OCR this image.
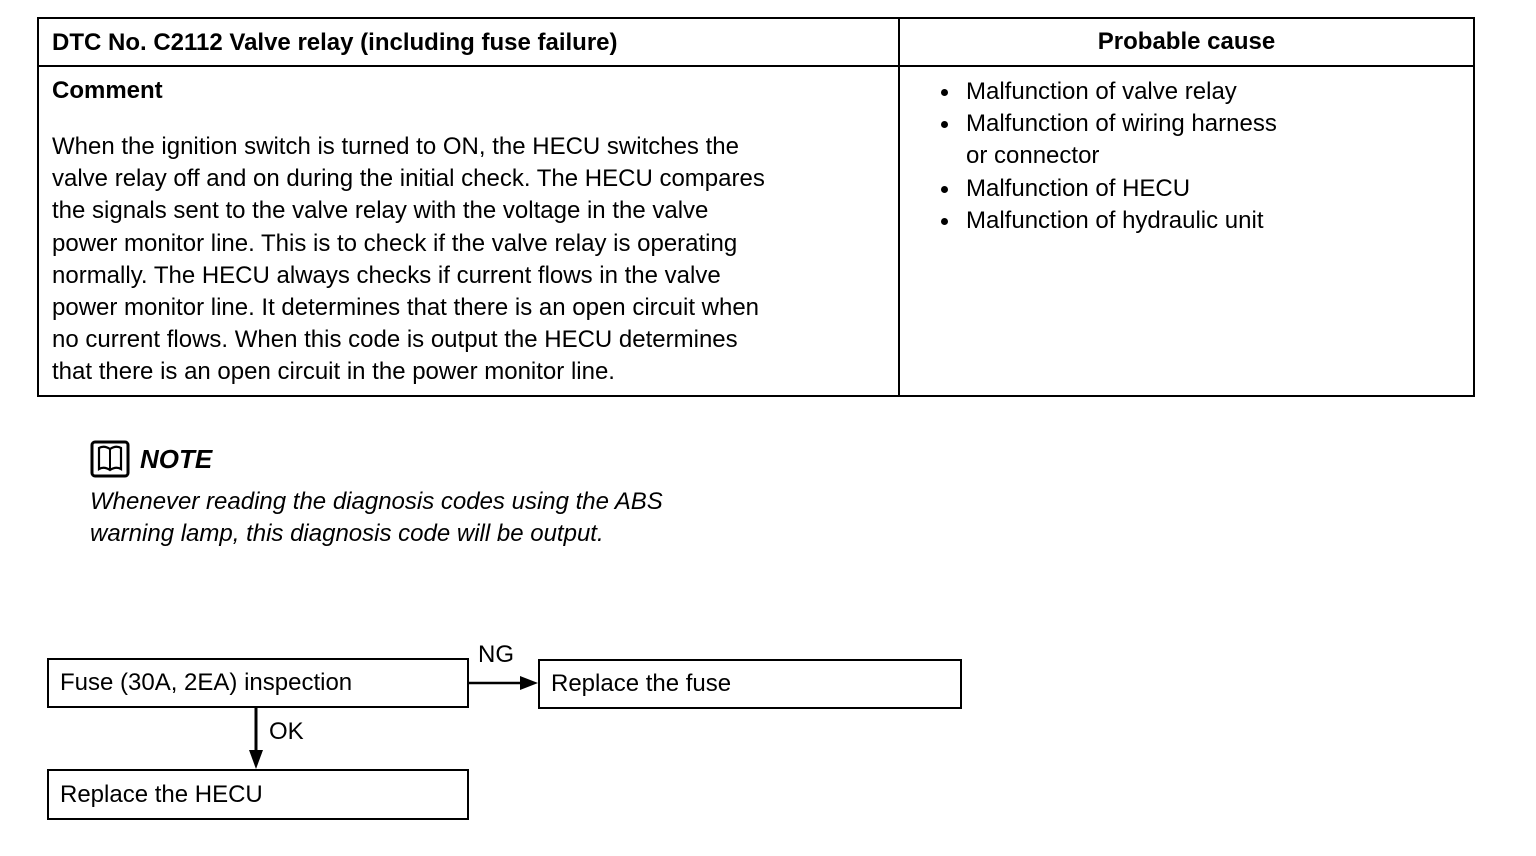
DTC No. C2112 Valve relay (including fuse failure)	Probable cause
Comment
When the ignition switch is turned to ON, the HECU switches the
valve relay off and on during the initial check. The HECU compares
the signals sent to the valve relay with the voltage in the valve
power monitor line. This is to check if the valve relay is operating
normally. The HECU always checks if current flows in the valve
power monitor line. It determines that there is an open circuit when
no current flows. When this code is output the HECU determines
that there is an open circuit in the power monitor line.
Malfunction of valve relay
Malfunction of wiring harness
or connector
Malfunction of HECU
Malfunction of hydraulic unit
NOTE
Whenever reading the diagnosis codes using the ABS
warning lamp, this diagnosis code will be output.
Fuse (30A, 2EA) inspection
NG
Replace the fuse
OK
Replace the HECU
